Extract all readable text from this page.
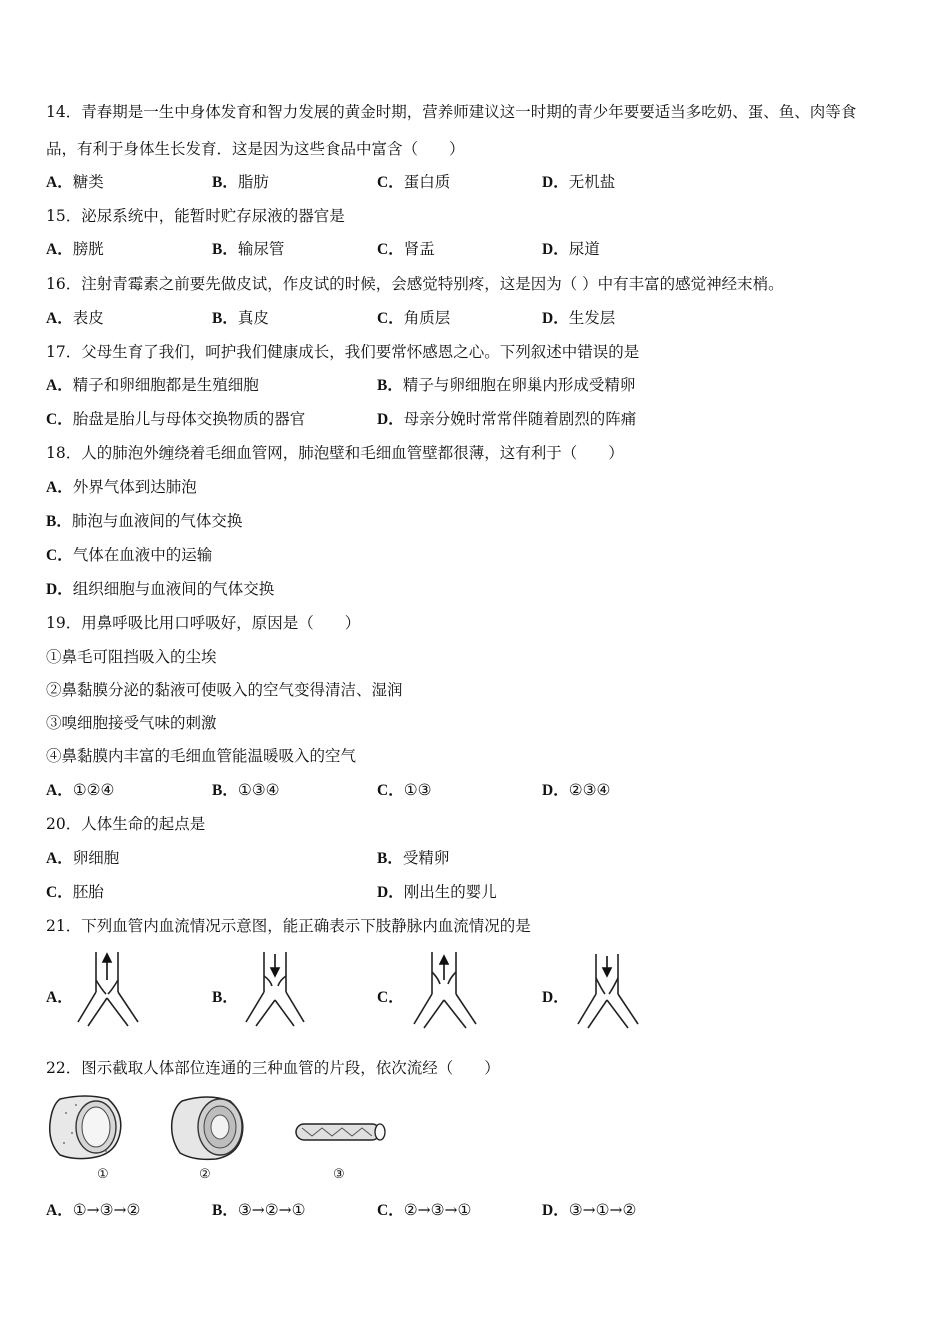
14．青春期是一生中身体发育和智力发展的黄金时期，营养师建议这一时期的青少年要要适当多吃奶、蛋、鱼、肉等食
品，有利于身体生长发育．这是因为这些食品中富含（　　）
A．糖类	B．脂肪	C．蛋白质	D．无机盐
15．泌尿系统中，能暂时贮存尿液的器官是
A．膀胱	B．输尿管	C．肾盂	D．尿道
16．注射青霉素之前要先做皮试，作皮试的时候，会感觉特别疼，这是因为（ ）中有丰富的感觉神经末梢。
A．表皮	B．真皮	C．角质层	D．生发层
17．父母生育了我们，呵护我们健康成长，我们要常怀感恩之心。下列叙述中错误的是
A．精子和卵细胞都是生殖细胞	B．精子与卵细胞在卵巢内形成受精卵
C．胎盘是胎儿与母体交换物质的器官	D．母亲分娩时常常伴随着剧烈的阵痛
18．人的肺泡外缠绕着毛细血管网，肺泡壁和毛细血管壁都很薄，这有利于（　　）
A．外界气体到达肺泡
B．肺泡与血液间的气体交换
C．气体在血液中的运输
D．组织细胞与血液间的气体交换
19．用鼻呼吸比用口呼吸好，原因是（　　）
①鼻毛可阻挡吸入的尘埃
②鼻黏膜分泌的黏液可使吸入的空气变得清洁、湿润
③嗅细胞接受气味的刺激
④鼻黏膜内丰富的毛细血管能温暖吸入的空气
A．①②④	B．①③④	C．①③	D．②③④
20．人体生命的起点是
A．卵细胞	B．受精卵
C．胚胎	D．刚出生的婴儿
21．下列血管内血流情况示意图，能正确表示下肢静脉内血流情况的是
A．	B．	C．	D．
22．图示截取人体部位连通的三种血管的片段，依次流经（　　）
①	②	③
A．①→③→②	B．③→②→①	C．②→③→①	D．③→①→②
